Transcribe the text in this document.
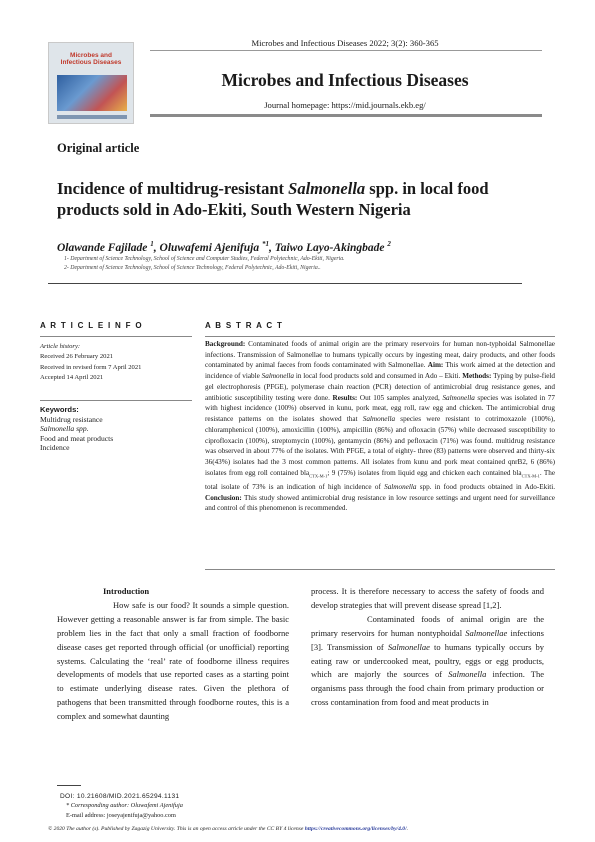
Microbes and Infectious Diseases 2022; 3(2): 360-365
Microbes and Infectious Diseases
Microbes and Infectious Diseases
Journal homepage: https://mid.journals.ekb.eg/
Original article
Incidence of multidrug-resistant Salmonella spp. in local food
products sold in Ado-Ekiti, South Western Nigeria
Olawande Fajilade $^1$, Oluwafemi Ajenifuja $^{*1}$, Taiwo Layo-Akingbade $^2$
1- Department of Science Technology, School of Science and Computer Studies, Federal Polytechnic, Ado-Ekiti, Nigeria.
2- Department of Science Technology, School of Science Technology, Federal Polytechnic, Ado-Ekiti, Nigeria..
A R T I C L E I N F O
Article history:
Received 26 February 2021
Received in revised form 7 April 2021
Accepted 14 April 2021
Keywords:
Multidrug resistance
Salmonella spp.
Food and meat products
Incidence
A B S T R A C T
Background: Contaminated foods of animal origin are the primary reservoirs for human non-typhoidal Salmonellae infections. Transmission of Salmonellae to humans typically occurs by ingesting meat, dairy products, and other foods contaminated by animal faeces from foods contaminated with Salmonellae. Aim: This work aimed at the detection and incidence of viable Salmonella in local food products sold and consumed in Ado – Ekiti. Methods: Typing by pulse-field gel electrophoresis (PFGE), polymerase chain reaction (PCR) detection of antimicrobial drug resistance genes, and antibiotic susceptibility testing were done. Results: Out 105 samples analyzed, Salmonella species was isolated in 77 with highest incidence (100%) observed in kunu, pork meat, egg roll, raw egg and chicken. The antimicrobial drug resistance patterns on the isolates showed that Salmonella species were resistant to cotrimoxazole (100%), chloramphenicol (100%), amoxicillin (100%), ampicillin (86%) and ofloxacin (57%) while decreased susceptibility to ciprofloxacin (100%), streptomycin (100%), gentamycin (86%) and pefloxacin (71%) was found. multidrug resistance was observed in about 77% of the isolates. With PFGE, a total of eighty- three (83) patterns were observed and thirty-six 36(43%) isolates had the 3 most common patterns. All isolates from kunu and pork meat contained qnrB2, 6 (86%) isolates from egg roll contained bla$_{CTX-M-1}$; 9 (75%) isolates from liquid egg and chicken each contained bla$_{CTX-M-1}$. The total isolate of 73% is an indication of high incidence of Salmonella spp. in food products obtained in Ado-Ekiti. Conclusion: This study showed antimicrobial drug resistance in low resource settings and urgent need for surveillance and control of this phenomenon is recommended.
Introduction
How safe is our food? It sounds a simple question. However getting a reasonable answer is far from simple. The basic problem lies in the fact that only a small fraction of foodborne disease cases get reported through official (or unofficial) reporting systems. Calculating the ‘real’ rate of foodborne illness requires developments of models that use reported cases as a starting point to estimate underlying disease rates. Given the plethora of pathogens that been transmitted through foodborne routes, this is a complex and somewhat daunting
process. It is therefore necessary to access the safety of foods and develop strategies that will prevent disease spread [1,2].
Contaminated foods of animal origin are the primary reservoirs for human nontyphoidal Salmonellae infections [3]. Transmission of Salmonellae to humans typically occurs by eating raw or undercooked meat, poultry, eggs or egg products, which are majorly the sources of Salmonella infection. The organisms pass through the food chain from primary production or cross contamination from food and meat products in
DOI: 10.21608/MID.2021.65294.1131
* Corresponding author: Oluwafemi Ajenifuja
E-mail address: joseyajenifuja@yahoo.com
© 2020 The author (s). Published by Zagazig University. This is an open access article under the CC BY 4 license https://creativecommons.org/licenses/by/4.0/.
